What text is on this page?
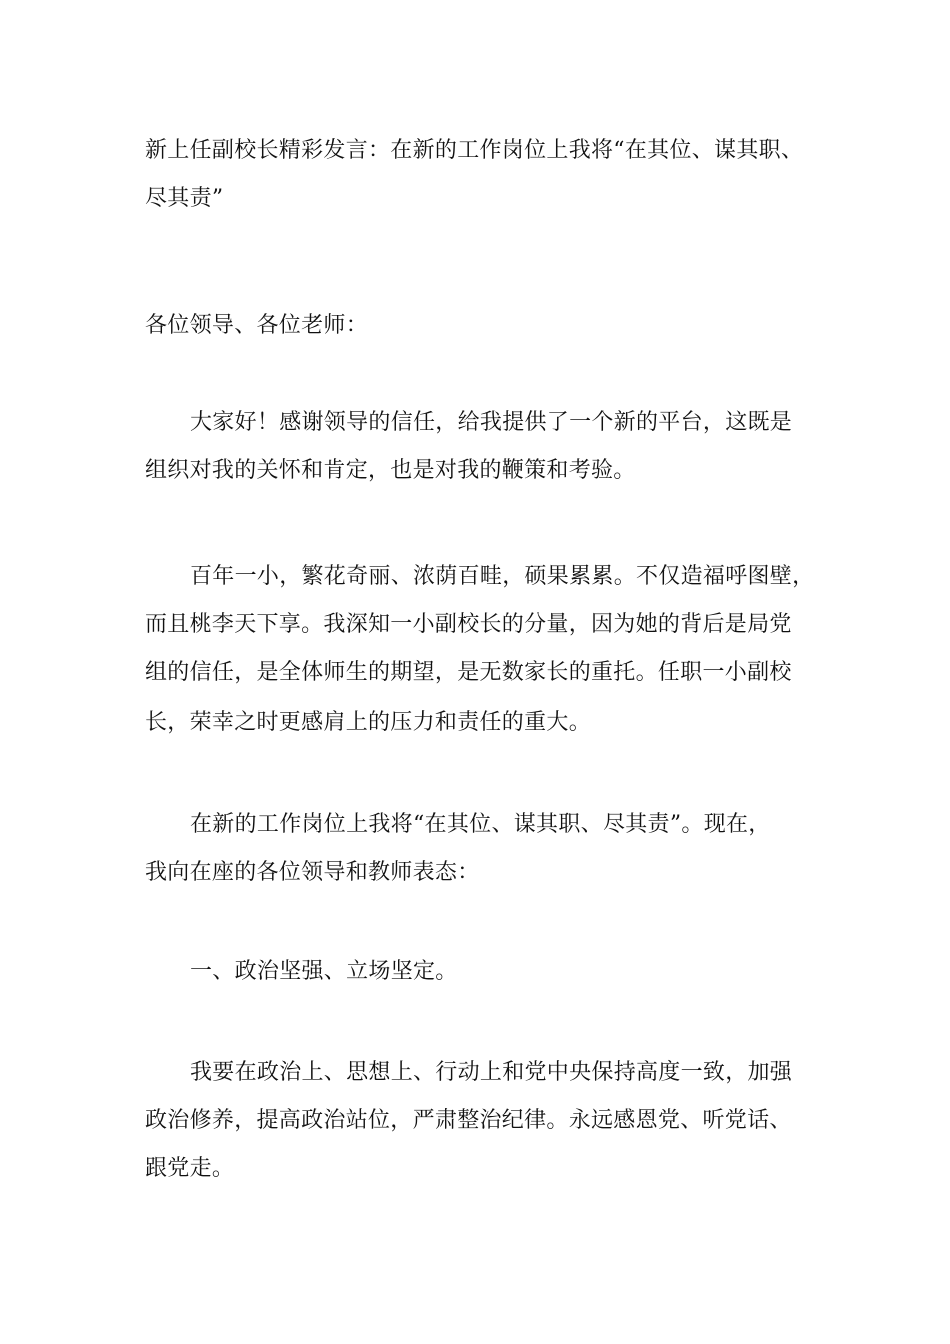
新上任副校长精彩发言：在新的工作岗位上我将“在其位、谋其职、
尽其责”
各位领导、各位老师：
大家好！感谢领导的信任，给我提供了一个新的平台，这既是
组织对我的关怀和肯定，也是对我的鞭策和考验。
百年一小，繁花奇丽、浓荫百畦，硕果累累。不仅造福呼图壁，
而且桃李天下享。我深知一小副校长的分量，因为她的背后是局党
组的信任，是全体师生的期望，是无数家长的重托。任职一小副校
长，荣幸之时更感肩上的压力和责任的重大。
在新的工作岗位上我将“在其位、谋其职、尽其责”。现在，
我向在座的各位领导和教师表态：
一、政治坚强、立场坚定。
我要在政治上、思想上、行动上和党中央保持高度一致，加强
政治修养，提高政治站位，严肃整治纪律。永远感恩党、听党话、
跟党走。
